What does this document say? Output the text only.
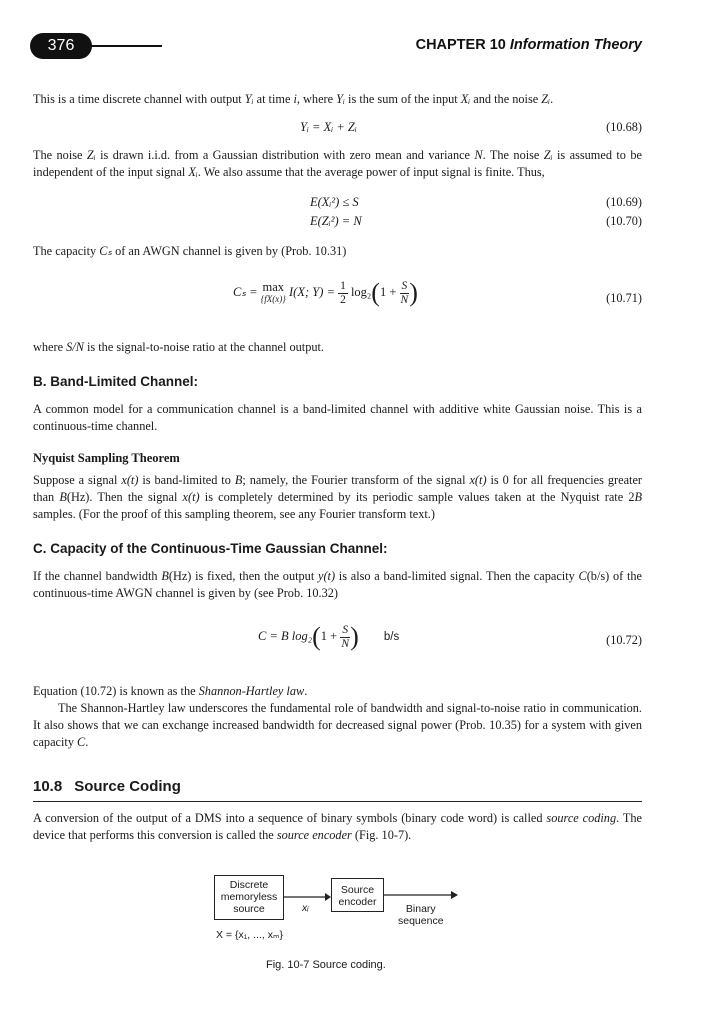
376	CHAPTER 10 Information Theory
This is a time discrete channel with output Yᵢ at time i, where Yᵢ is the sum of the input Xᵢ and the noise Zᵢ.
Yᵢ = Xᵢ + Zᵢ	(10.68)
The noise Zᵢ is drawn i.i.d. from a Gaussian distribution with zero mean and variance N. The noise Zᵢ is assumed to be independent of the input signal Xᵢ. We also assume that the average power of input signal is finite. Thus,
E(Xᵢ²) ≤ S	(10.69)
E(Zᵢ²) = N	(10.70)
The capacity Cₛ of an AWGN channel is given by (Prob. 10.31)
Cₛ = max
{fX(x)}
I(X; $Y) = \frac{1}{2} \log_2(1 + \frac{S}{N}$ )	(10.71)
where S/N is the signal-to-noise ratio at the channel output.
B. Band-Limited Channel:
A common model for a communication channel is a band-limited channel with additive white Gaussian noise. This is a continuous-time channel.
Nyquist Sampling Theorem
Suppose a signal x(t) is band-limited to B; namely, the Fourier transform of the signal x(t) is 0 for all frequencies greater than B(Hz). Then the signal x(t) is completely determined by its periodic sample values taken at the Nyquist rate 2B samples. (For the proof of this sampling theorem, see any Fourier transform text.)
C. Capacity of the Continuous-Time Gaussian Channel:
If the channel bandwidth B(Hz) is fixed, then the output y(t) is also a band-limited signal. Then the capacity C(b/s) of the continuous-time AWGN channel is given by (see Prob. 10.32)
C = B $\log_2(1 + \frac{S}{N}$ ) b/s	(10.72)
Equation (10.72) is known as the Shannon-Hartley law.
The Shannon-Hartley law underscores the fundamental role of bandwidth and signal-to-noise ratio in communication. It also shows that we can exchange increased bandwidth for decreased signal power (Prob. 10.35) for a system with given capacity C.
10.8 Source Coding
A conversion of the output of a DMS into a sequence of binary symbols (binary code word) is called source coding. The device that performs this conversion is called the source encoder (Fig. 10-7).
Discrete
memoryless
source
Source
encoder
xᵢ	Binary
sequence
X = {x₁, ..., xₘ}
Fig. 10-7 Source coding.
